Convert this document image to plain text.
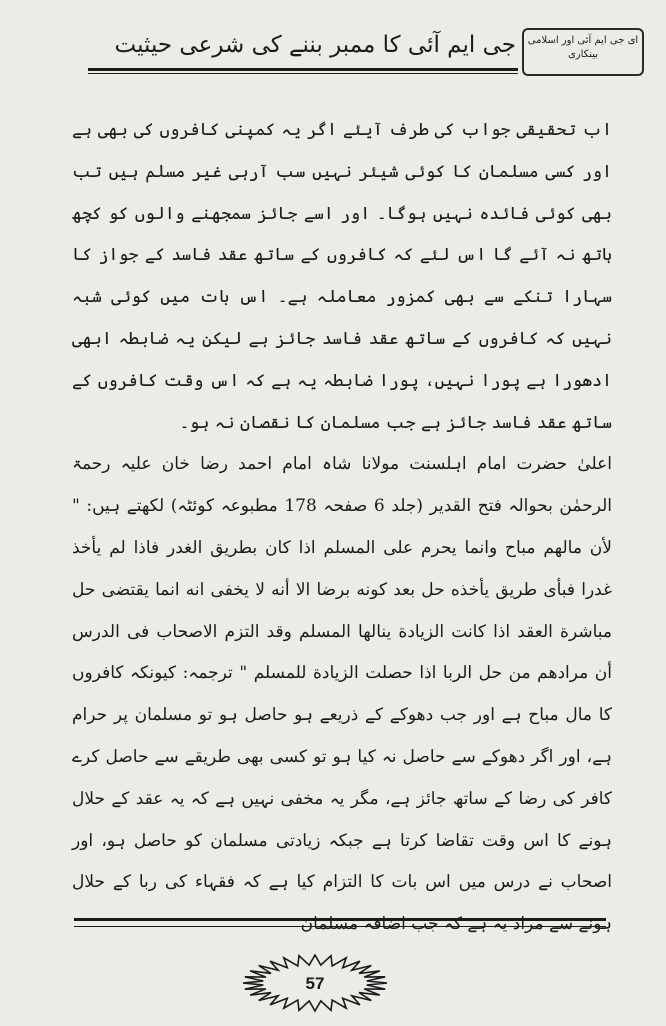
ای جی ایم آئی اور اسلامی بینکاری
جی ایم آئی کا ممبر بننے کی شرعی حیثیت

اب تحقیقی جواب کی طرف آیئے اگر یہ کمپنی کافروں کی بھی ہے اور کسی مسلمان کا کوئی شیئر نہیں سب آرہی غیر مسلم ہیں تب بھی کوئی فائدہ نہیں ہوگا۔ اور اسے جائز سمجھنے والوں کو کچھ ہاتھ نہ آئے گا اس لئے کہ کافروں کے ساتھ عقد فاسد کے جواز کا سہارا تنکے سے بھی کمزور معاملہ ہے۔ اس بات میں کوئی شبہ نہیں کہ کافروں کے ساتھ عقد فاسد جائز ہے لیکن یہ ضابطہ ابھی ادھورا ہے پورا نہیں، پورا ضابطہ یہ ہے کہ اس وقت کافروں کے ساتھ عقد فاسد جائز ہے جب مسلمان کا نقصان نہ ہو۔

اعلیٰ حضرت امام اہلسنت مولانا شاہ امام احمد رضا خان علیہ رحمۃ الرحمٰن بحوالہ فتح القدیر (جلد 6 صفحہ 178 مطبوعہ کوئٹہ) لکھتے ہیں: " لأن مالهم مباح وانما يحرم على المسلم اذا كان بطريق الغدر فاذا لم يأخذ غدرا فبأى طريق يأخذه حل بعد كونه برضا الا أنه لا يخفى انه انما يقتضى حل مباشرة العقد اذا كانت الزيادة ينالها المسلم وقد التزم الاصحاب فى الدرس أن مرادهم من حل الربا اذا حصلت الزيادة للمسلم " ترجمہ: کیونکہ کافروں کا مال مباح ہے اور جب دھوکے کے ذریعے ہو حاصل ہو تو مسلمان پر حرام ہے، اور اگر دھوکے سے حاصل نہ کیا ہو تو کسی بھی طریقے سے حاصل کرے کافر کی رضا کے ساتھ جائز ہے، مگر یہ مخفی نہیں ہے کہ یہ عقد کے حلال ہونے کا اس وقت تقاضا کرتا ہے جبکہ زیادتی مسلمان کو حاصل ہو، اور اصحاب نے درس میں اس بات کا التزام کیا ہے کہ فقہاء کی ربا کے حلال ہونے سے مراد یہ ہے کہ جب اضافہ مسلمان

57
